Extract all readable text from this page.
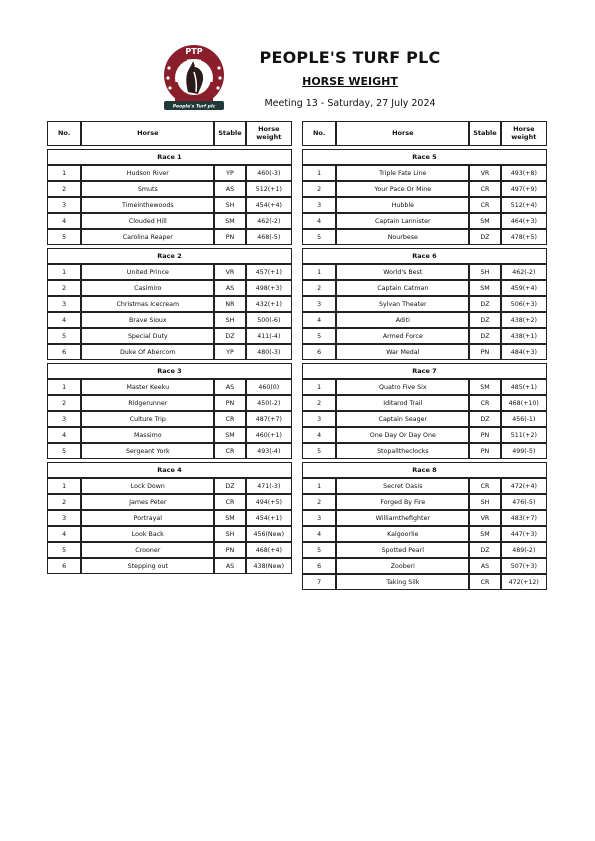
PTP
EST 2023
People's Turf plc
PEOPLE'S TURF PLC
HORSE WEIGHT
Meeting 13 - Saturday, 27 July 2024
No.	Horse	Stable	Horse weight

Race 1			
1	Hudson River	YP	460(-3)
2	Smuts	AS	512(+1)
3	Timeinthewoods	SH	454(+4)
4	Clouded Hill	SM	462(-2)
5	Carolina Reaper	PN	468(-5)

Race 2			
1	United Prince	VR	457(+1)
2	Casimiro	AS	498(+3)
3	Christmas Icecream	NR	432(+1)
4	Brave Sioux	SH	500(-6)
5	Special Duty	DZ	411(-4)
6	Duke Of Abercorn	YP	480(-3)

Race 3			
1	Master Keeku	AS	460(0)
2	Ridgerunner	PN	450(-2)
3	Culture Trip	CR	487(+7)
4	Massimo	SM	460(+1)
5	Sergeant York	CR	493(-4)

Race 4			
1	Lock Down	DZ	471(-3)
2	James Peter	CR	494(+5)
3	Portrayal	SM	454(+1)
4	Look Back	SH	456(New)
5	Crooner	PN	468(+4)
6	Stepping out	AS	438(New)
No.	Horse	Stable	Horse weight

Race 5			
1	Triple Fate Line	VR	493(+8)
2	Your Pace Or Mine	CR	497(+9)
3	Hubble	CR	512(+4)
4	Captain Lannister	SM	464(+3)
5	Nourbese	DZ	478(+5)

Race 6			
1	World's Best	SH	462(-2)
2	Captain Catman	SM	459(+4)
3	Sylvan Theater	DZ	506(+3)
4	Aditi	DZ	438(+2)
5	Armed Force	DZ	438(+1)
6	War Medal	PN	484(+3)

Race 7			
1	Quatro Five Six	SM	485(+1)
2	Iditarod Trail	CR	468(+10)
3	Captain Seager	DZ	456(-1)
4	One Day Or Day One	PN	511(+2)
5	Stopalltheclocks	PN	499(-5)

Race 8			
1	Secret Oasis	CR	472(+4)
2	Forged By Fire	SH	476(-5)
3	Williamthefighter	VR	483(+7)
4	Kalgoorlie	SM	447(+3)
5	Spotted Pearl	DZ	489(-2)
6	Zooberi	AS	507(+3)
7	Taking Silk	CR	472(+12)
